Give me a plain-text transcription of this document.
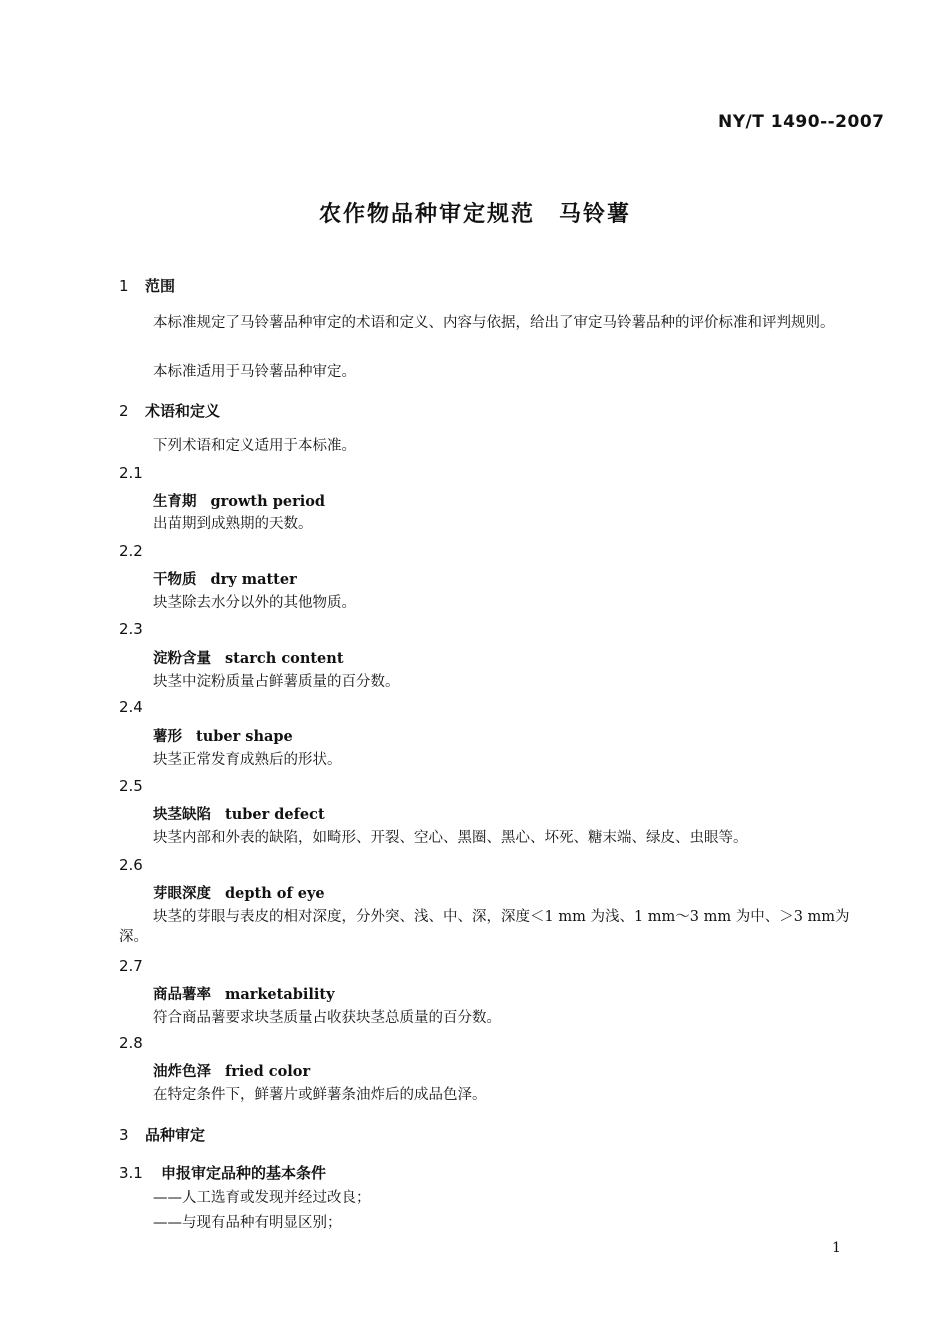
NY/T 1490--2007
农作物品种审定规范　马铃薯
1 范围
本标准规定了马铃薯品种审定的术语和定义、内容与依据，给出了审定马铃薯品种的评价标准和评判规则。
本标准适用于马铃薯品种审定。
2 术语和定义
下列术语和定义适用于本标准。
2.1
生育期 growth period
出苗期到成熟期的天数。
2.2
干物质 dry matter
块茎除去水分以外的其他物质。
2.3
淀粉含量 starch content
块茎中淀粉质量占鲜薯质量的百分数。
2.4
薯形 tuber shape
块茎正常发育成熟后的形状。
2.5
块茎缺陷 tuber defect
块茎内部和外表的缺陷，如畸形、开裂、空心、黑圈、黑心、坏死、糖末端、绿皮、虫眼等。
2.6
芽眼深度 depth of eye
块茎的芽眼与表皮的相对深度，分外突、浅、中、深，深度＜1 mm 为浅、1 mm～3 mm 为中、＞3 mm为深。
2.7
商品薯率 marketability
符合商品薯要求块茎质量占收获块茎总质量的百分数。
2.8
油炸色泽 fried color
在特定条件下，鲜薯片或鲜薯条油炸后的成品色泽。
3 品种审定
3.1 申报审定品种的基本条件
——人工选育或发现并经过改良；
——与现有品种有明显区别；
1
